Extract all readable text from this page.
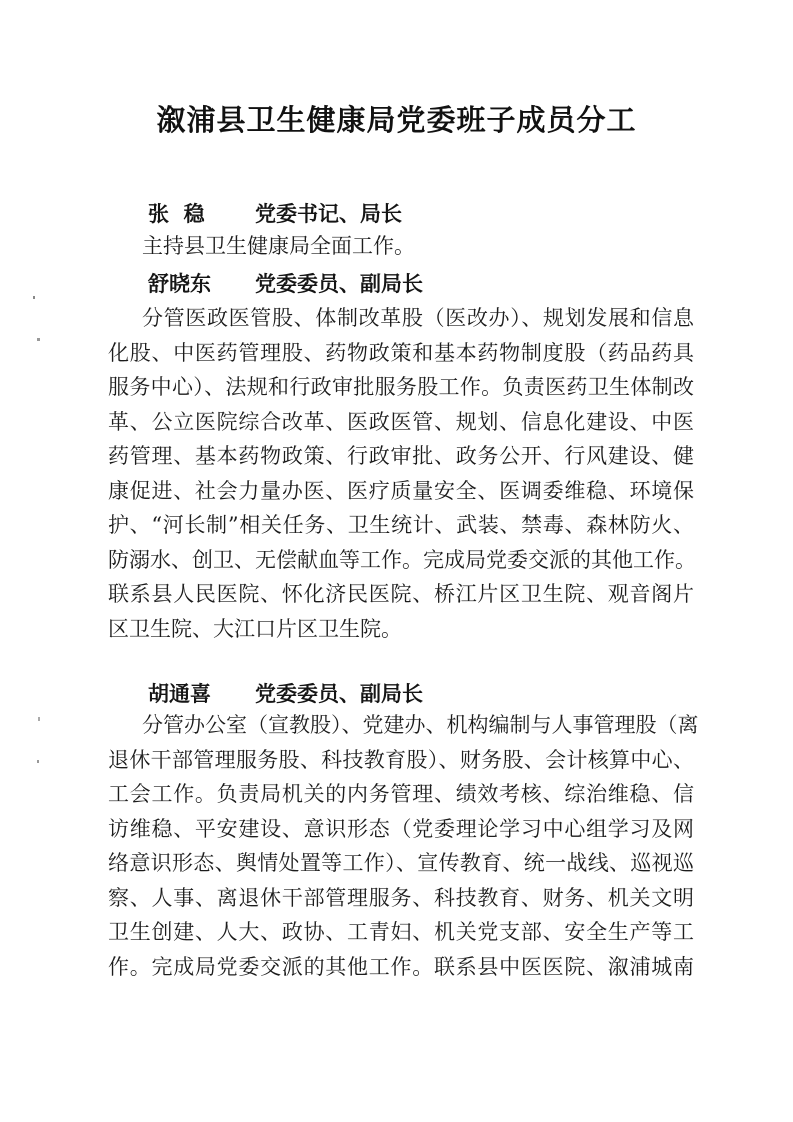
溆浦县卫生健康局党委班子成员分工
张  稳 党委书记、局长
主持县卫生健康局全面工作。
舒晓东 党委委员、副局长
分管医政医管股、体制改革股（医改办）、规划发展和信息
化股、中医药管理股、药物政策和基本药物制度股（药品药具
服务中心）、法规和行政审批服务股工作。负责医药卫生体制改
革、公立医院综合改革、医政医管、规划、信息化建设、中医
药管理、基本药物政策、行政审批、政务公开、行风建设、健
康促进、社会力量办医、医疗质量安全、医调委维稳、环境保
护、“河长制”相关任务、卫生统计、武装、禁毒、森林防火、
防溺水、创卫、无偿献血等工作。完成局党委交派的其他工作。
联系县人民医院、怀化济民医院、桥江片区卫生院、观音阁片
区卫生院、大江口片区卫生院。
胡通喜 党委委员、副局长
分管办公室（宣教股）、党建办、机构编制与人事管理股（离
退休干部管理服务股、科技教育股）、财务股、会计核算中心、
工会工作。负责局机关的内务管理、绩效考核、综治维稳、信
访维稳、平安建设、意识形态（党委理论学习中心组学习及网
络意识形态、舆情处置等工作）、宣传教育、统一战线、巡视巡
察、人事、离退休干部管理服务、科技教育、财务、机关文明
卫生创建、人大、政协、工青妇、机关党支部、安全生产等工
作。完成局党委交派的其他工作。联系县中医医院、溆浦城南
